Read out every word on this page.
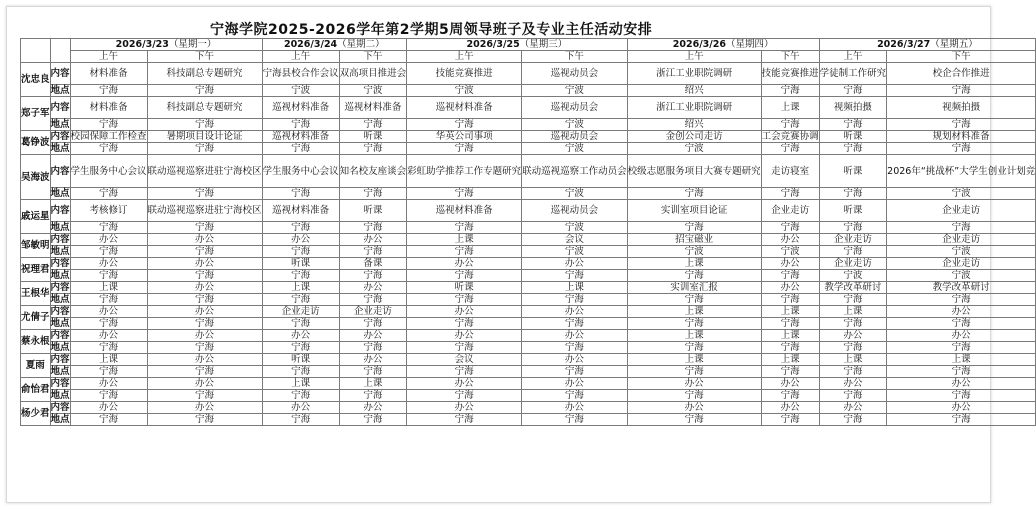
宁海学院2025-2026学年第2学期5周领导班子及专业主任活动安排
		2026/3/23（星期一）		2026/3/24（星期二）		2026/3/25（星期三）		2026/3/26（星期四）		2026/3/27（星期五）	
		上午	下午	上午	下午	上午	下午	上午	下午	上午	下午
沈忠良	内容	材料准备	科技副总专题研究	宁海县校合作会议	双高项目推进会	技能竞赛推进	巡视动员会	浙江工业职院调研	技能竞赛推进	学徒制工作研究	校企合作推进
	地点	宁海	宁海	宁波	宁波	宁波	宁波	绍兴	宁海	宁海	宁海
郑子军	内容	材料准备	科技副总专题研究	巡视材料准备	巡视材料准备	巡视材料准备	巡视动员会	浙江工业职院调研	上课	视频拍摄	视频拍摄
	地点	宁海	宁海	宁海	宁海	宁海	宁波	绍兴	宁海	宁海	宁海
葛铮波	内容	校园保障工作检查	暑期项目设计论证	巡视材料准备	听课	华英公司事项	巡视动员会	金创公司走访	工会竞赛协调	听课	规划材料准备
	地点	宁海	宁海	宁海	宁海	宁海	宁波	宁波	宁海	宁海	宁海
吴海波	内容	学生服务中心会议	联动巡视巡察进驻宁海校区	学生服务中心会议	知名校友座谈会	彩虹助学推荐工作专题研究	联动巡视巡察工作动员会	校级志愿服务项目大赛专题研究	走访寝室	听课	2026年“挑战杯”大学生创业计划竞
	地点	宁海	宁海	宁海	宁海	宁海	宁波	宁海	宁海	宁海	宁波
戚运星	内容	考核修订	联动巡视巡察进驻宁海校区	巡视材料准备	听课	巡视材料准备	巡视动员会	实训室项目论证	企业走访	听课	企业走访
	地点	宁海	宁海	宁海	宁海	宁海	宁波	宁海	宁海	宁海	宁海
邹敏明	内容	办公	办公	办公	办公	上课	会议	招宝磁业	办公	企业走访	企业走访
	地点	宁海	宁海	宁海	宁海	宁海	宁波	宁波	宁波	宁海	宁波
祝理君	内容	办公	办公	听课	备课	办公	办公	上课	办公	企业走访	企业走访
	地点	宁海	宁海	宁海	宁海	宁海	宁海	宁海	宁海	宁波	宁波
王根华	内容	上课	办公	上课	办公	听课	上课	实训室汇报	办公	教学改革研讨	教学改革研讨
	地点	宁海	宁海	宁海	宁海	宁海	宁海	宁海	宁海	宁海	宁海
尤倩子	内容	办公	办公	企业走访	企业走访	办公	办公	上课	上课	上课	办公
	地点	宁海	宁海	宁海	宁海	宁海	宁海	宁海	宁海	宁海	宁海
蔡永根	内容	办公	办公	办公	办公	办公	办公	上课	上课	办公	办公
	地点	宁海	宁海	宁海	宁海	宁海	宁海	宁海	宁海	宁海	宁海
夏雨	内容	上课	办公	听课	办公	会议	办公	上课	上课	上课	上课
	地点	宁海	宁海	宁海	宁海	宁海	宁海	宁海	宁海	宁海	宁海
俞怡君	内容	办公	办公	上课	上课	办公	办公	办公	办公	办公	办公
	地点	宁海	宁海	宁海	宁海	宁海	宁海	宁海	宁海	宁海	宁海
杨少君	内容	办公	办公	办公	办公	办公	办公	办公	办公	办公	办公
	地点	宁海	宁海	宁海	宁海	宁海	宁海	宁海	宁海	宁海	宁海
